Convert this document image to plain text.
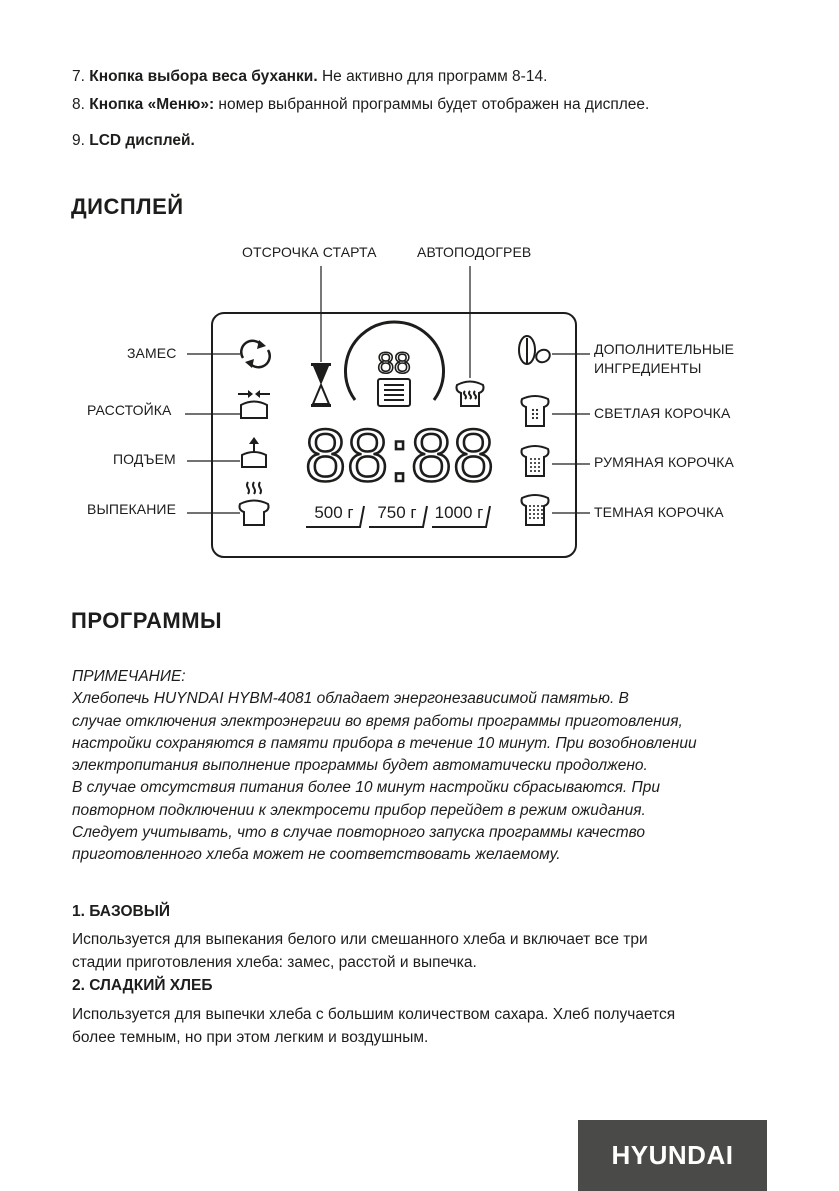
7. Кнопка выбора веса буханки. Не активно для программ 8-14.
8. Кнопка «Меню»: номер выбранной программы будет отображен на дисплее.
9. LCD дисплей.
ДИСПЛЕЙ
ОТСРОЧКА СТАРТА	АВТОПОДОГРЕВ
ЗАМЕС
РАССТОЙКА
ПОДЪЕМ
ВЫПЕКАНИЕ
ДОПОЛНИТЕЛЬНЫЕ
ИНГРЕДИЕНТЫ
СВЕТЛАЯ КОРОЧКА
РУМЯНАЯ КОРОЧКА
ТЕМНАЯ КОРОЧКА
88
88:88
500 г 750 г 1000 г
ПРОГРАММЫ
ПРИМЕЧАНИЕ:
Хлебопечь HUYNDAI HYBM-4081 обладает энергонезависимой памятью. В
случае отключения электроэнергии во время работы программы приготовления,
настройки сохраняются в памяти прибора в течение 10 минут. При возобновлении
электропитания выполнение программы будет автоматически продолжено.
В случае отсутствия питания более 10 минут настройки сбрасываются. При
повторном подключении к электросети прибор перейдет в режим ожидания.
Следует учитывать, что в случае повторного запуска программы качество
приготовленного хлеба может не соответствовать желаемому.
1. БАЗОВЫЙ
Используется для выпекания белого или смешанного хлеба и включает все три
стадии приготовления хлеба: замес, расстой и выпечка.
2. СЛАДКИЙ ХЛЕБ
Используется для выпечки хлеба с большим количеством сахара. Хлеб получается
более темным, но при этом легким и воздушным.
HYUNDAI
